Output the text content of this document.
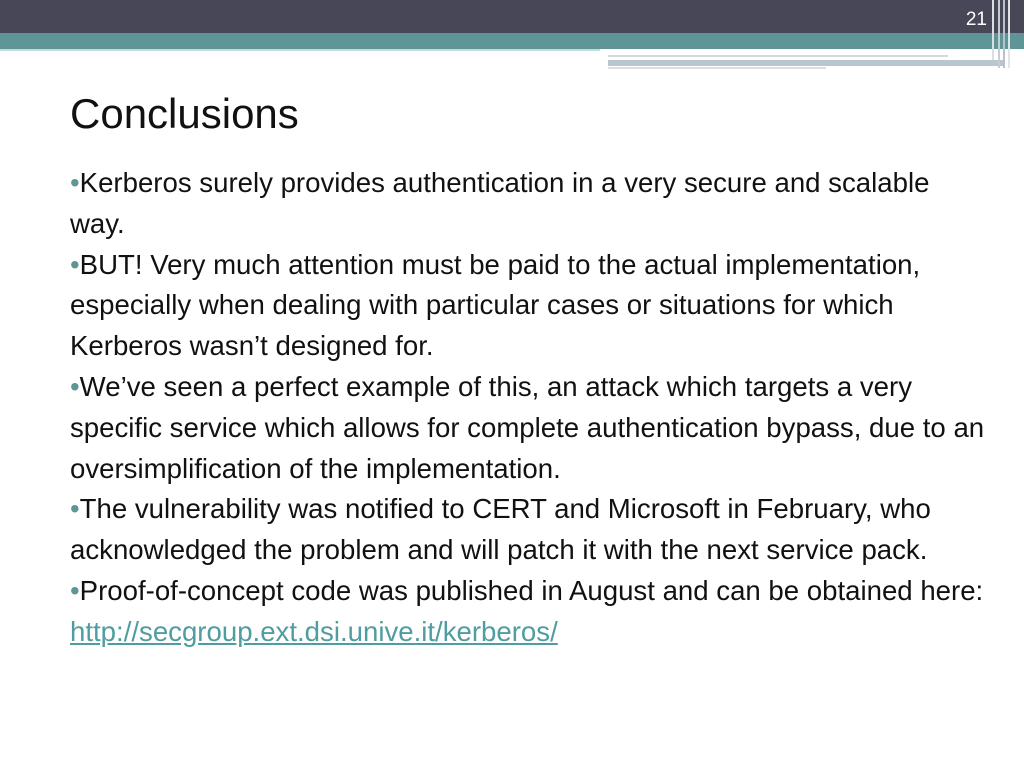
21
Conclusions
•Kerberos surely provides authentication in a very secure and scalable way.
•BUT! Very much attention must be paid to the actual implementation, especially when dealing with particular cases or situations for which Kerberos wasn’t designed for.
•We’ve seen a perfect example of this, an attack which targets a very specific service which allows for complete authentication bypass, due to an oversimplification of the implementation.
•The vulnerability was notified to CERT and Microsoft in February, who acknowledged the problem and will patch it with the next service pack.
•Proof-of-concept code was published in August and can be obtained here: http://secgroup.ext.dsi.unive.it/kerberos/
